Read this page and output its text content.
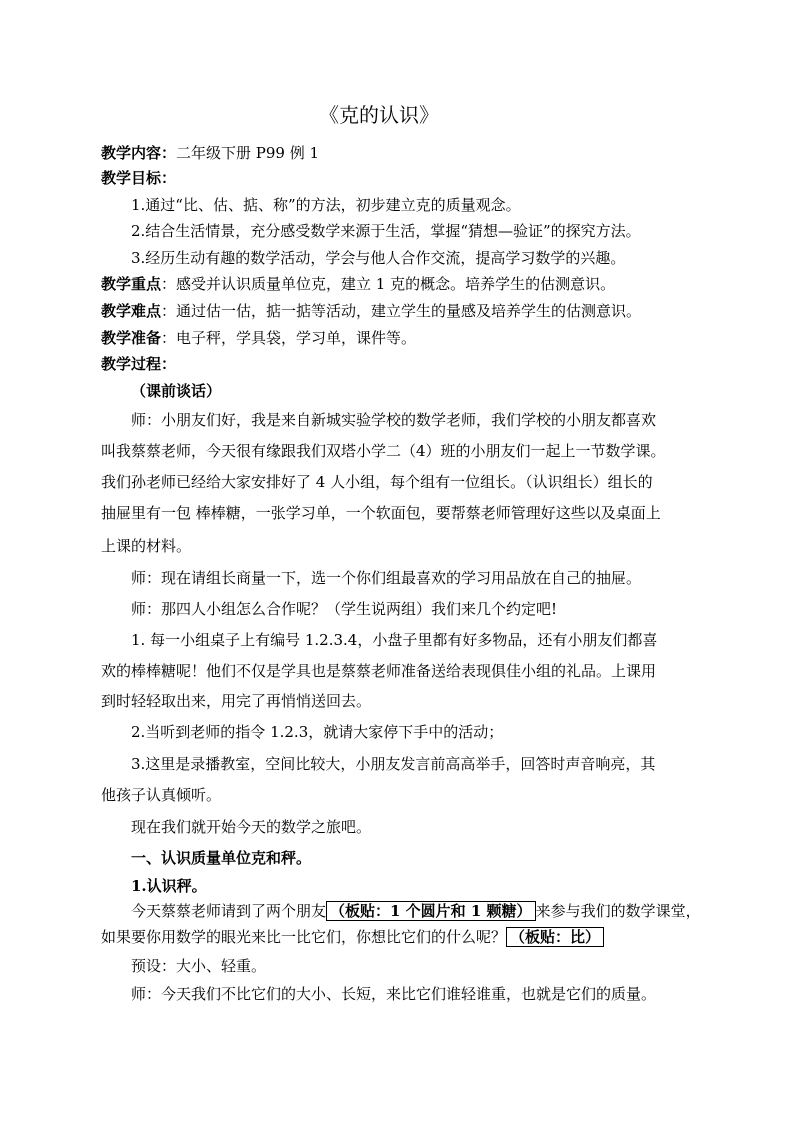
《克的认识》
教学内容：二年级下册 P99 例 1
教学目标：
1.通过“比、估、掂、称”的方法，初步建立克的质量观念。
2.结合生活情景，充分感受数学来源于生活，掌握“猜想—验证”的探究方法。
3.经历生动有趣的数学活动，学会与他人合作交流，提高学习数学的兴趣。
教学重点：感受并认识质量单位克，建立 1 克的概念。培养学生的估测意识。
教学难点：通过估一估，掂一掂等活动，建立学生的量感及培养学生的估测意识。
教学准备：电子秤，学具袋，学习单，课件等。
教学过程：
（课前谈话）
师：小朋友们好，我是来自新城实验学校的数学老师，我们学校的小朋友都喜欢
叫我蔡蔡老师，今天很有缘跟我们双塔小学二（4）班的小朋友们一起上一节数学课。
我们孙老师已经给大家安排好了 4 人小组，每个组有一位组长。（认识组长）组长的
抽屉里有一包 棒棒糖，一张学习单，一个软面包，要帮蔡老师管理好这些以及桌面上
上课的材料。
师：现在请组长商量一下，选一个你们组最喜欢的学习用品放在自己的抽屉。
师：那四人小组怎么合作呢？（学生说两组）我们来几个约定吧!
1. 每一小组桌子上有编号 1.2.3.4，小盘子里都有好多物品，还有小朋友们都喜
欢的棒棒糖呢！他们不仅是学具也是蔡蔡老师准备送给表现俱佳小组的礼品。上课用
到时轻轻取出来，用完了再悄悄送回去。
2.当听到老师的指令 1.2.3，就请大家停下手中的活动；
3.这里是录播教室，空间比较大，小朋友发言前高高举手，回答时声音响亮，其
他孩子认真倾听。
现在我们就开始今天的数学之旅吧。
一、认识质量单位克和秤。
1.认识秤。
今天蔡蔡老师请到了两个朋友 （板贴：1 个圆片和 1 颗糖） 来参与我们的数学课堂，
如果要你用数学的眼光来比一比它们，你想比它们的什么呢？ （板贴：比）
预设：大小、轻重。
师：今天我们不比它们的大小、长短，来比它们谁轻谁重，也就是它们的质量。
